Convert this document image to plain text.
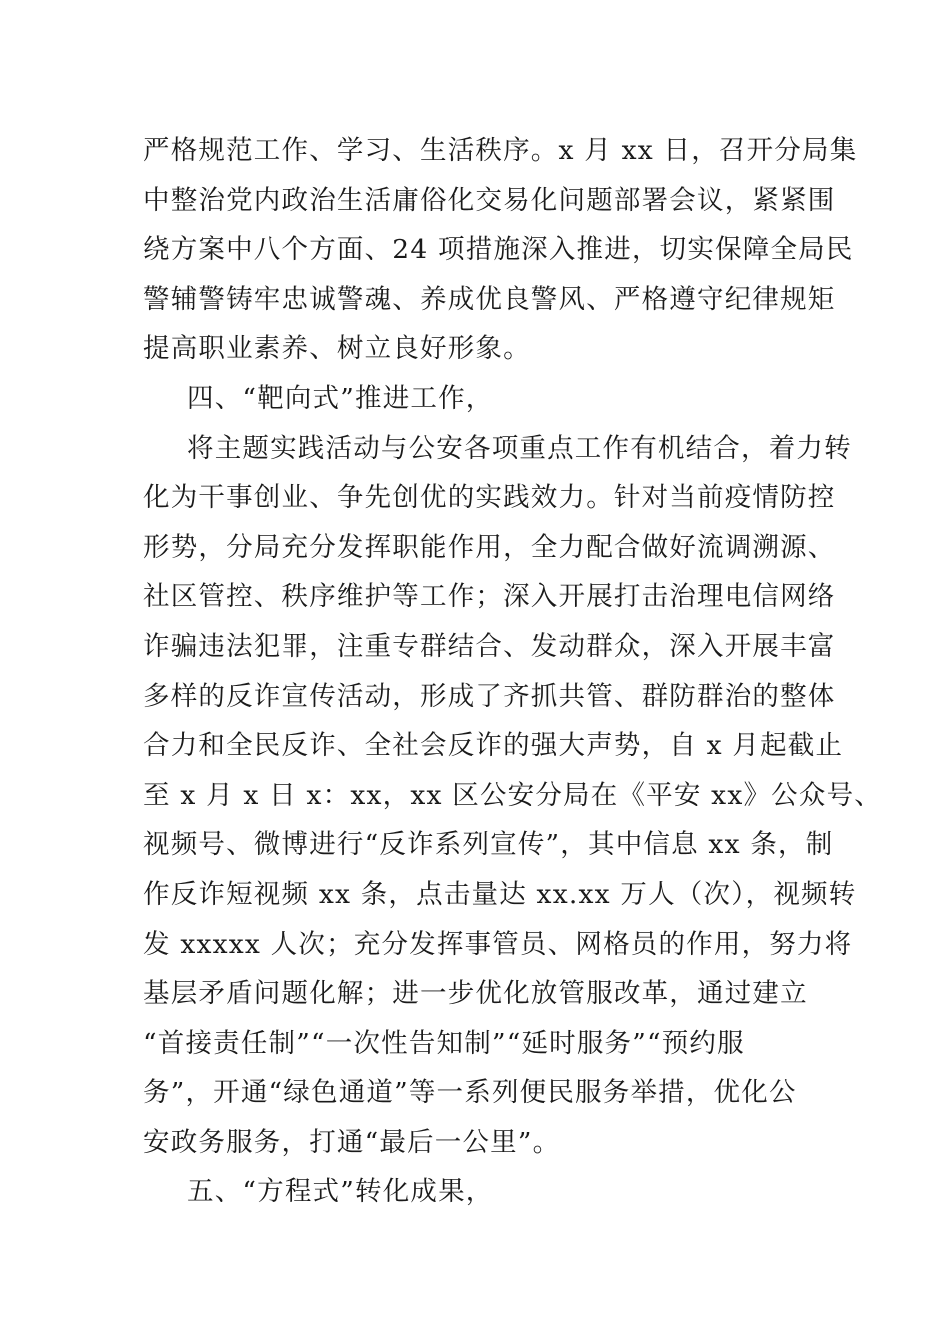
严格规范工作、学习、生活秩序。x 月 xx 日，召开分局集
中整治党内政治生活庸俗化交易化问题部署会议，紧紧围
绕方案中八个方面、24 项措施深入推进，切实保障全局民
警辅警铸牢忠诚警魂、养成优良警风、严格遵守纪律规矩
提高职业素养、树立良好形象。
四、“靶向式”推进工作，
将主题实践活动与公安各项重点工作有机结合，着力转
化为干事创业、争先创优的实践效力。针对当前疫情防控
形势，分局充分发挥职能作用，全力配合做好流调溯源、
社区管控、秩序维护等工作；深入开展打击治理电信网络
诈骗违法犯罪，注重专群结合、发动群众，深入开展丰富
多样的反诈宣传活动，形成了齐抓共管、群防群治的整体
合力和全民反诈、全社会反诈的强大声势，自 x 月起截止
至 x 月 x 日 x：xx，xx 区公安分局在《平安 xx》公众号、
视频号、微博进行“反诈系列宣传”，其中信息 xx 条，制
作反诈短视频 xx 条，点击量达 xx.xx 万人（次），视频转
发 xxxxx 人次；充分发挥事管员、网格员的作用，努力将
基层矛盾问题化解；进一步优化放管服改革，通过建立
“首接责任制”“一次性告知制”“延时服务”“预约服
务”，开通“绿色通道”等一系列便民服务举措，优化公
安政务服务，打通“最后一公里”。
五、“方程式”转化成果，
